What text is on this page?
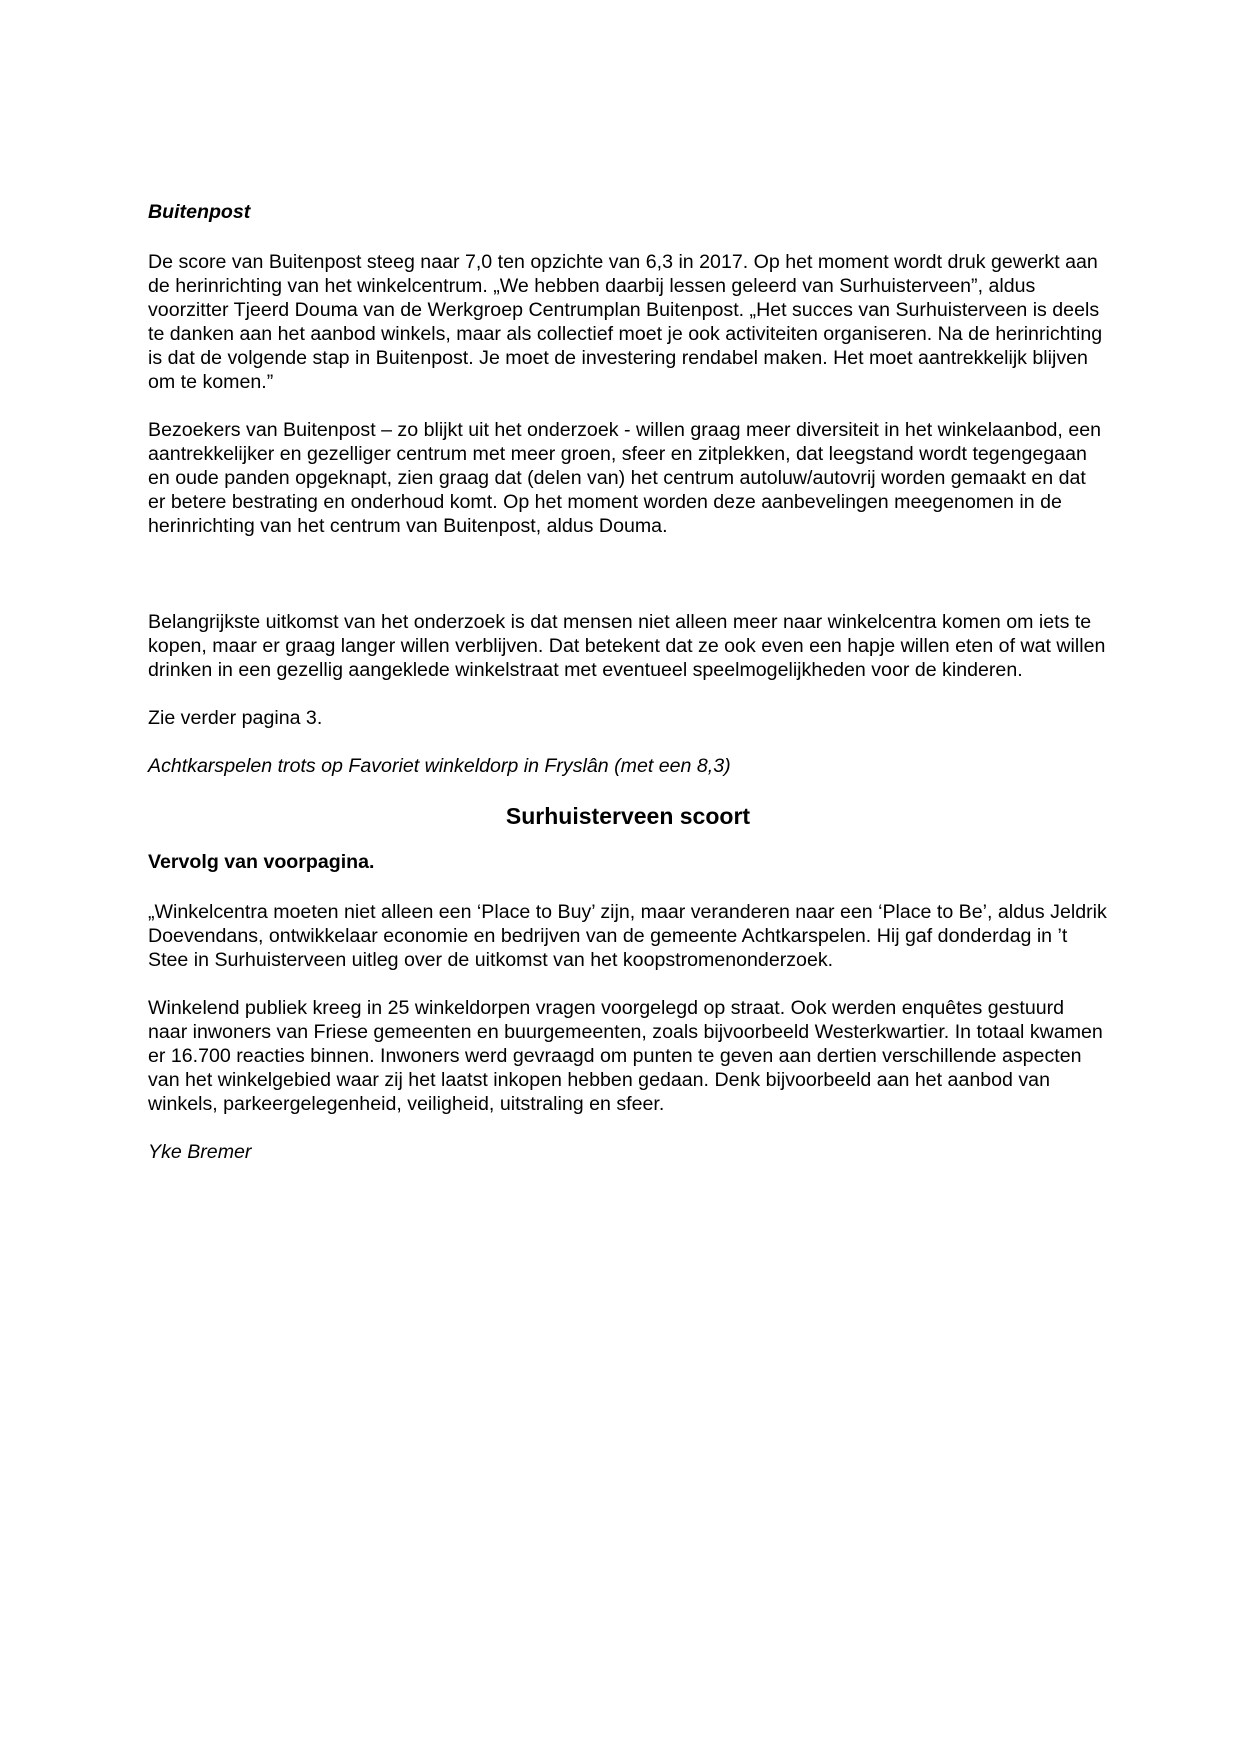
Buitenpost

De score van Buitenpost steeg naar 7,0 ten opzichte van 6,3 in 2017. Op het moment wordt druk gewerkt aan de herinrichting van het winkelcentrum. „We hebben daarbij lessen geleerd van Surhuisterveen”, aldus voorzitter Tjeerd Douma van de Werkgroep Centrumplan Buitenpost. „Het succes van Surhuisterveen is deels te danken aan het aanbod winkels, maar als collectief moet je ook activiteiten organiseren. Na de herinrichting is dat de volgende stap in Buitenpost. Je moet de investering rendabel maken. Het moet aantrekkelijk blijven om te komen.”

Bezoekers van Buitenpost – zo blijkt uit het onderzoek - willen graag meer diversiteit in het winkelaanbod, een aantrekkelijker en gezelliger centrum met meer groen, sfeer en zitplekken, dat leegstand wordt tegengegaan en oude panden opgeknapt, zien graag dat (delen van) het centrum autoluw/autovrij worden gemaakt en dat er betere bestrating en onderhoud komt. Op het moment worden deze aanbevelingen meegenomen in de herinrichting van het centrum van Buitenpost, aldus Douma.

Belangrijkste uitkomst van het onderzoek is dat mensen niet alleen meer naar winkelcentra komen om iets te kopen, maar er graag langer willen verblijven. Dat betekent dat ze ook even een hapje willen eten of wat willen drinken in een gezellig aangeklede winkelstraat met eventueel speelmogelijkheden voor de kinderen.

Zie verder pagina 3.

Achtkarspelen trots op Favoriet winkeldorp in Fryslân (met een 8,3)

Surhuisterveen scoort

Vervolg van voorpagina.

„Winkelcentra moeten niet alleen een ‘Place to Buy’ zijn, maar veranderen naar een ‘Place to Be’, aldus Jeldrik Doevendans, ontwikkelaar economie en bedrijven van de gemeente Achtkarspelen. Hij gaf donderdag in ’t Stee in Surhuisterveen uitleg over de uitkomst van het koopstromenonderzoek.

Winkelend publiek kreeg in 25 winkeldorpen vragen voorgelegd op straat. Ook werden enquêtes gestuurd naar inwoners van Friese gemeenten en buurgemeenten, zoals bijvoorbeeld Westerkwartier. In totaal kwamen er 16.700 reacties binnen. Inwoners werd gevraagd om punten te geven aan dertien verschillende aspecten van het winkelgebied waar zij het laatst inkopen hebben gedaan. Denk bijvoorbeeld aan het aanbod van winkels, parkeergelegenheid, veiligheid, uitstraling en sfeer.

Yke Bremer
